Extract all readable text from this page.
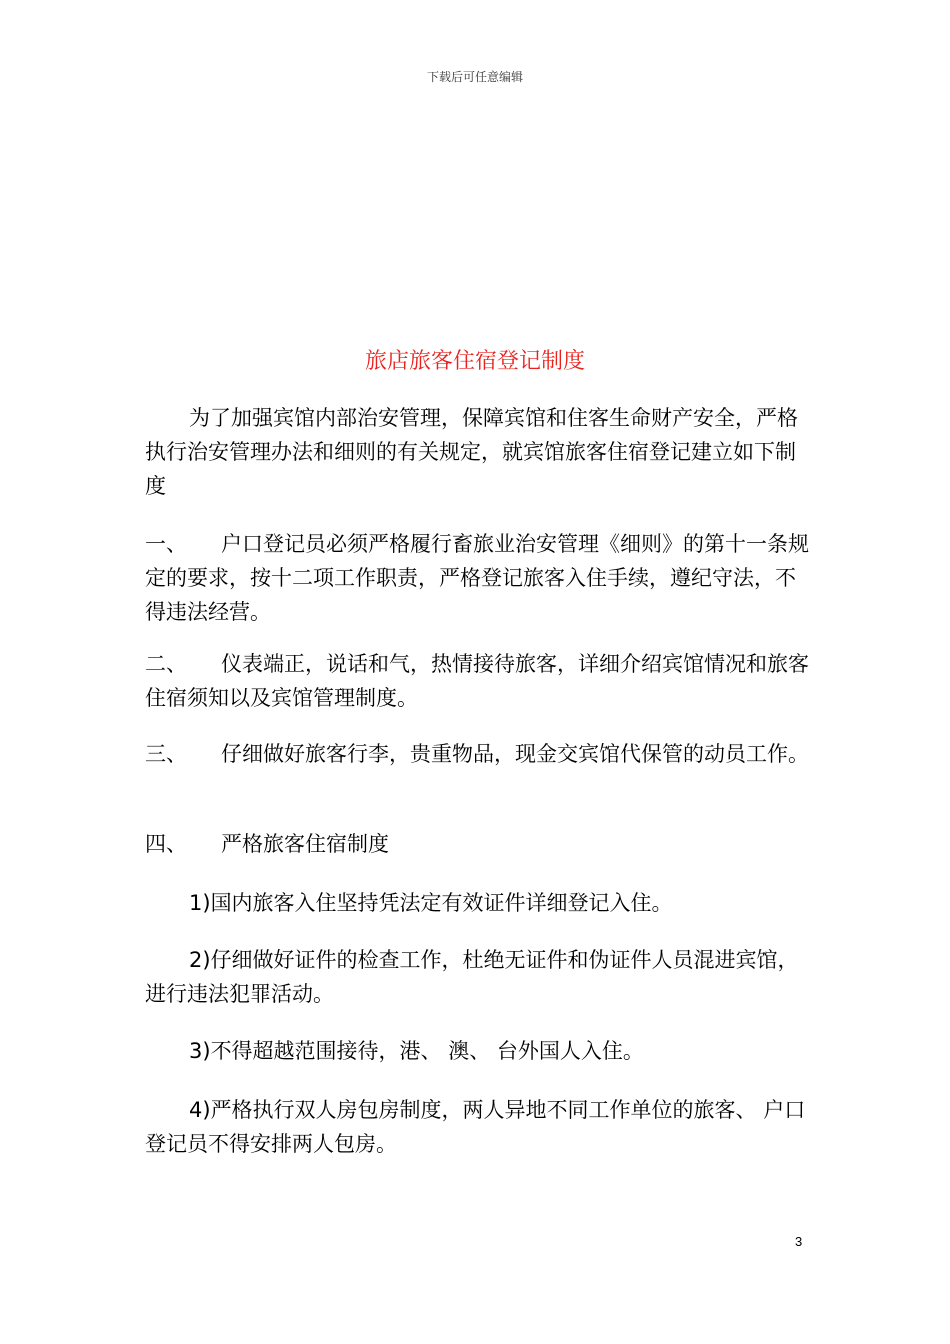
下载后可任意编辑
旅店旅客住宿登记制度

为了加强宾馆内部治安管理，保障宾馆和住客生命财产安全，严格执行治安管理办法和细则的有关规定，就宾馆旅客住宿登记建立如下制度

一、 户口登记员必须严格履行畜旅业治安管理《细则》的第十一条规定的要求，按十二项工作职责，严格登记旅客入住手续，遵纪守法，不得违法经营。

二、 仪表端正，说话和气，热情接待旅客，详细介绍宾馆情况和旅客住宿须知以及宾馆管理制度。

三、 仔细做好旅客行李，贵重物品，现金交宾馆代保管的动员工作。

四、 严格旅客住宿制度

1)国内旅客入住坚持凭法定有效证件详细登记入住。

2)仔细做好证件的检查工作，杜绝无证件和伪证件人员混进宾馆，进行违法犯罪活动。

3)不得超越范围接待，港、 澳、 台外国人入住。

4)严格执行双人房包房制度，两人异地不同工作单位的旅客、 户口登记员不得安排两人包房。

3
